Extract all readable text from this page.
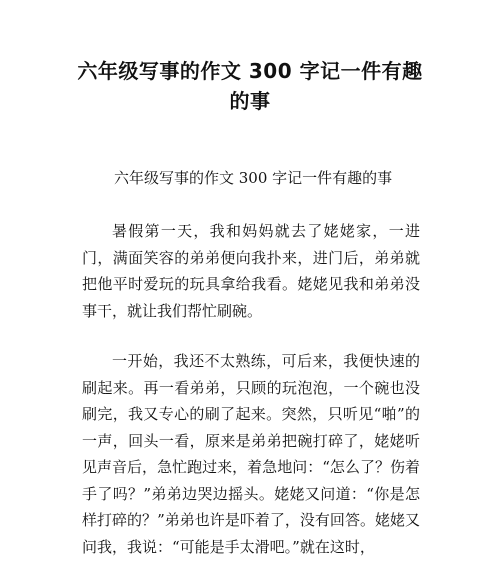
六年级写事的作文 300 字记一件有趣的事

六年级写事的作文 300 字记一件有趣的事

暑假第一天，我和妈妈就去了姥姥家，一进门，满面笑容的弟弟便向我扑来，进门后，弟弟就把他平时爱玩的玩具拿给我看。姥姥见我和弟弟没事干，就让我们帮忙刷碗。

一开始，我还不太熟练，可后来，我便快速的刷起来。再一看弟弟，只顾的玩泡泡，一个碗也没刷完，我又专心的刷了起来。突然，只听见“啪”的一声，回头一看，原来是弟弟把碗打碎了，姥姥听见声音后，急忙跑过来，着急地问：“怎么了？伤着手了吗？”弟弟边哭边摇头。姥姥又问道：“你是怎样打碎的？”弟弟也许是吓着了，没有回答。姥姥又问我，我说：“可能是手太滑吧。”就在这时，
